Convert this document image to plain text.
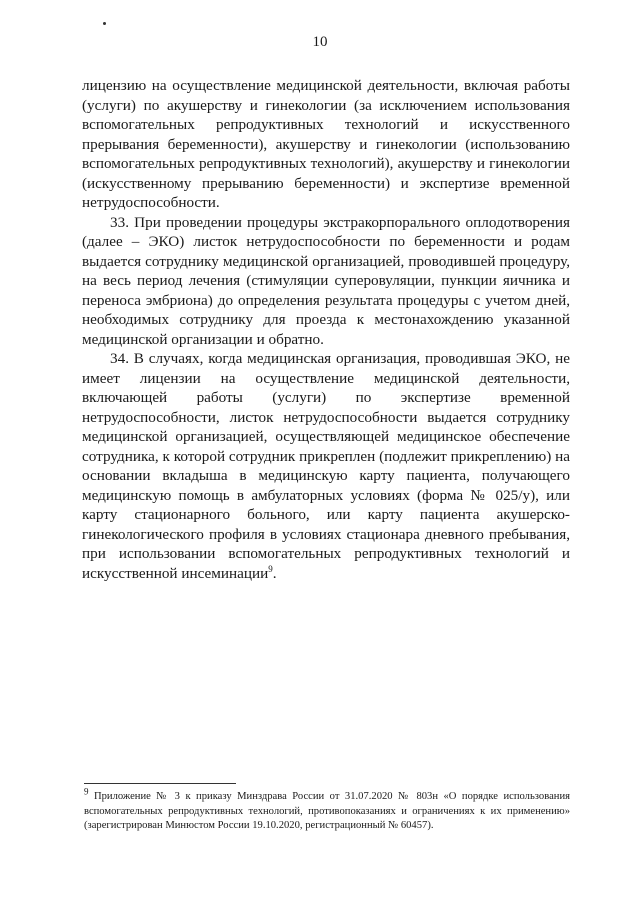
10

лицензию на осуществление медицинской деятельности, включая работы (услуги) по акушерству и гинекологии (за исключением использования вспомогательных репродуктивных технологий и искусственного прерывания беременности), акушерству и гинекологии (использованию вспомогательных репродуктивных технологий), акушерству и гинекологии (искусственному прерыванию беременности) и экспертизе временной нетрудоспособности.

33. При проведении процедуры экстракорпорального оплодотворения (далее – ЭКО) листок нетрудоспособности по беременности и родам выдается сотруднику медицинской организацией, проводившей процедуру, на весь период лечения (стимуляции суперовуляции, пункции яичника и переноса эмбриона) до определения результата процедуры с учетом дней, необходимых сотруднику для проезда к местонахождению указанной медицинской организации и обратно.

34. В случаях, когда медицинская организация, проводившая ЭКО, не имеет лицензии на осуществление медицинской деятельности, включающей работы (услуги) по экспертизе временной нетрудоспособности, листок нетрудоспособности выдается сотруднику медицинской организацией, осуществляющей медицинское обеспечение сотрудника, к которой сотрудник прикреплен (подлежит прикреплению) на основании вкладыша в медицинскую карту пациента, получающего медицинскую помощь в амбулаторных условиях (форма № 025/у), или карту стационарного больного, или карту пациента акушерско-гинекологического профиля в условиях стационара дневного пребывания, при использовании вспомогательных репродуктивных технологий и искусственной инсеминации$^9$.

$^9$ Приложение № 3 к приказу Минздрава России от 31.07.2020 № 803н «О порядке использования вспомогательных репродуктивных технологий, противопоказаниях и ограничениях к их применению» (зарегистрирован Минюстом России 19.10.2020, регистрационный № 60457).
